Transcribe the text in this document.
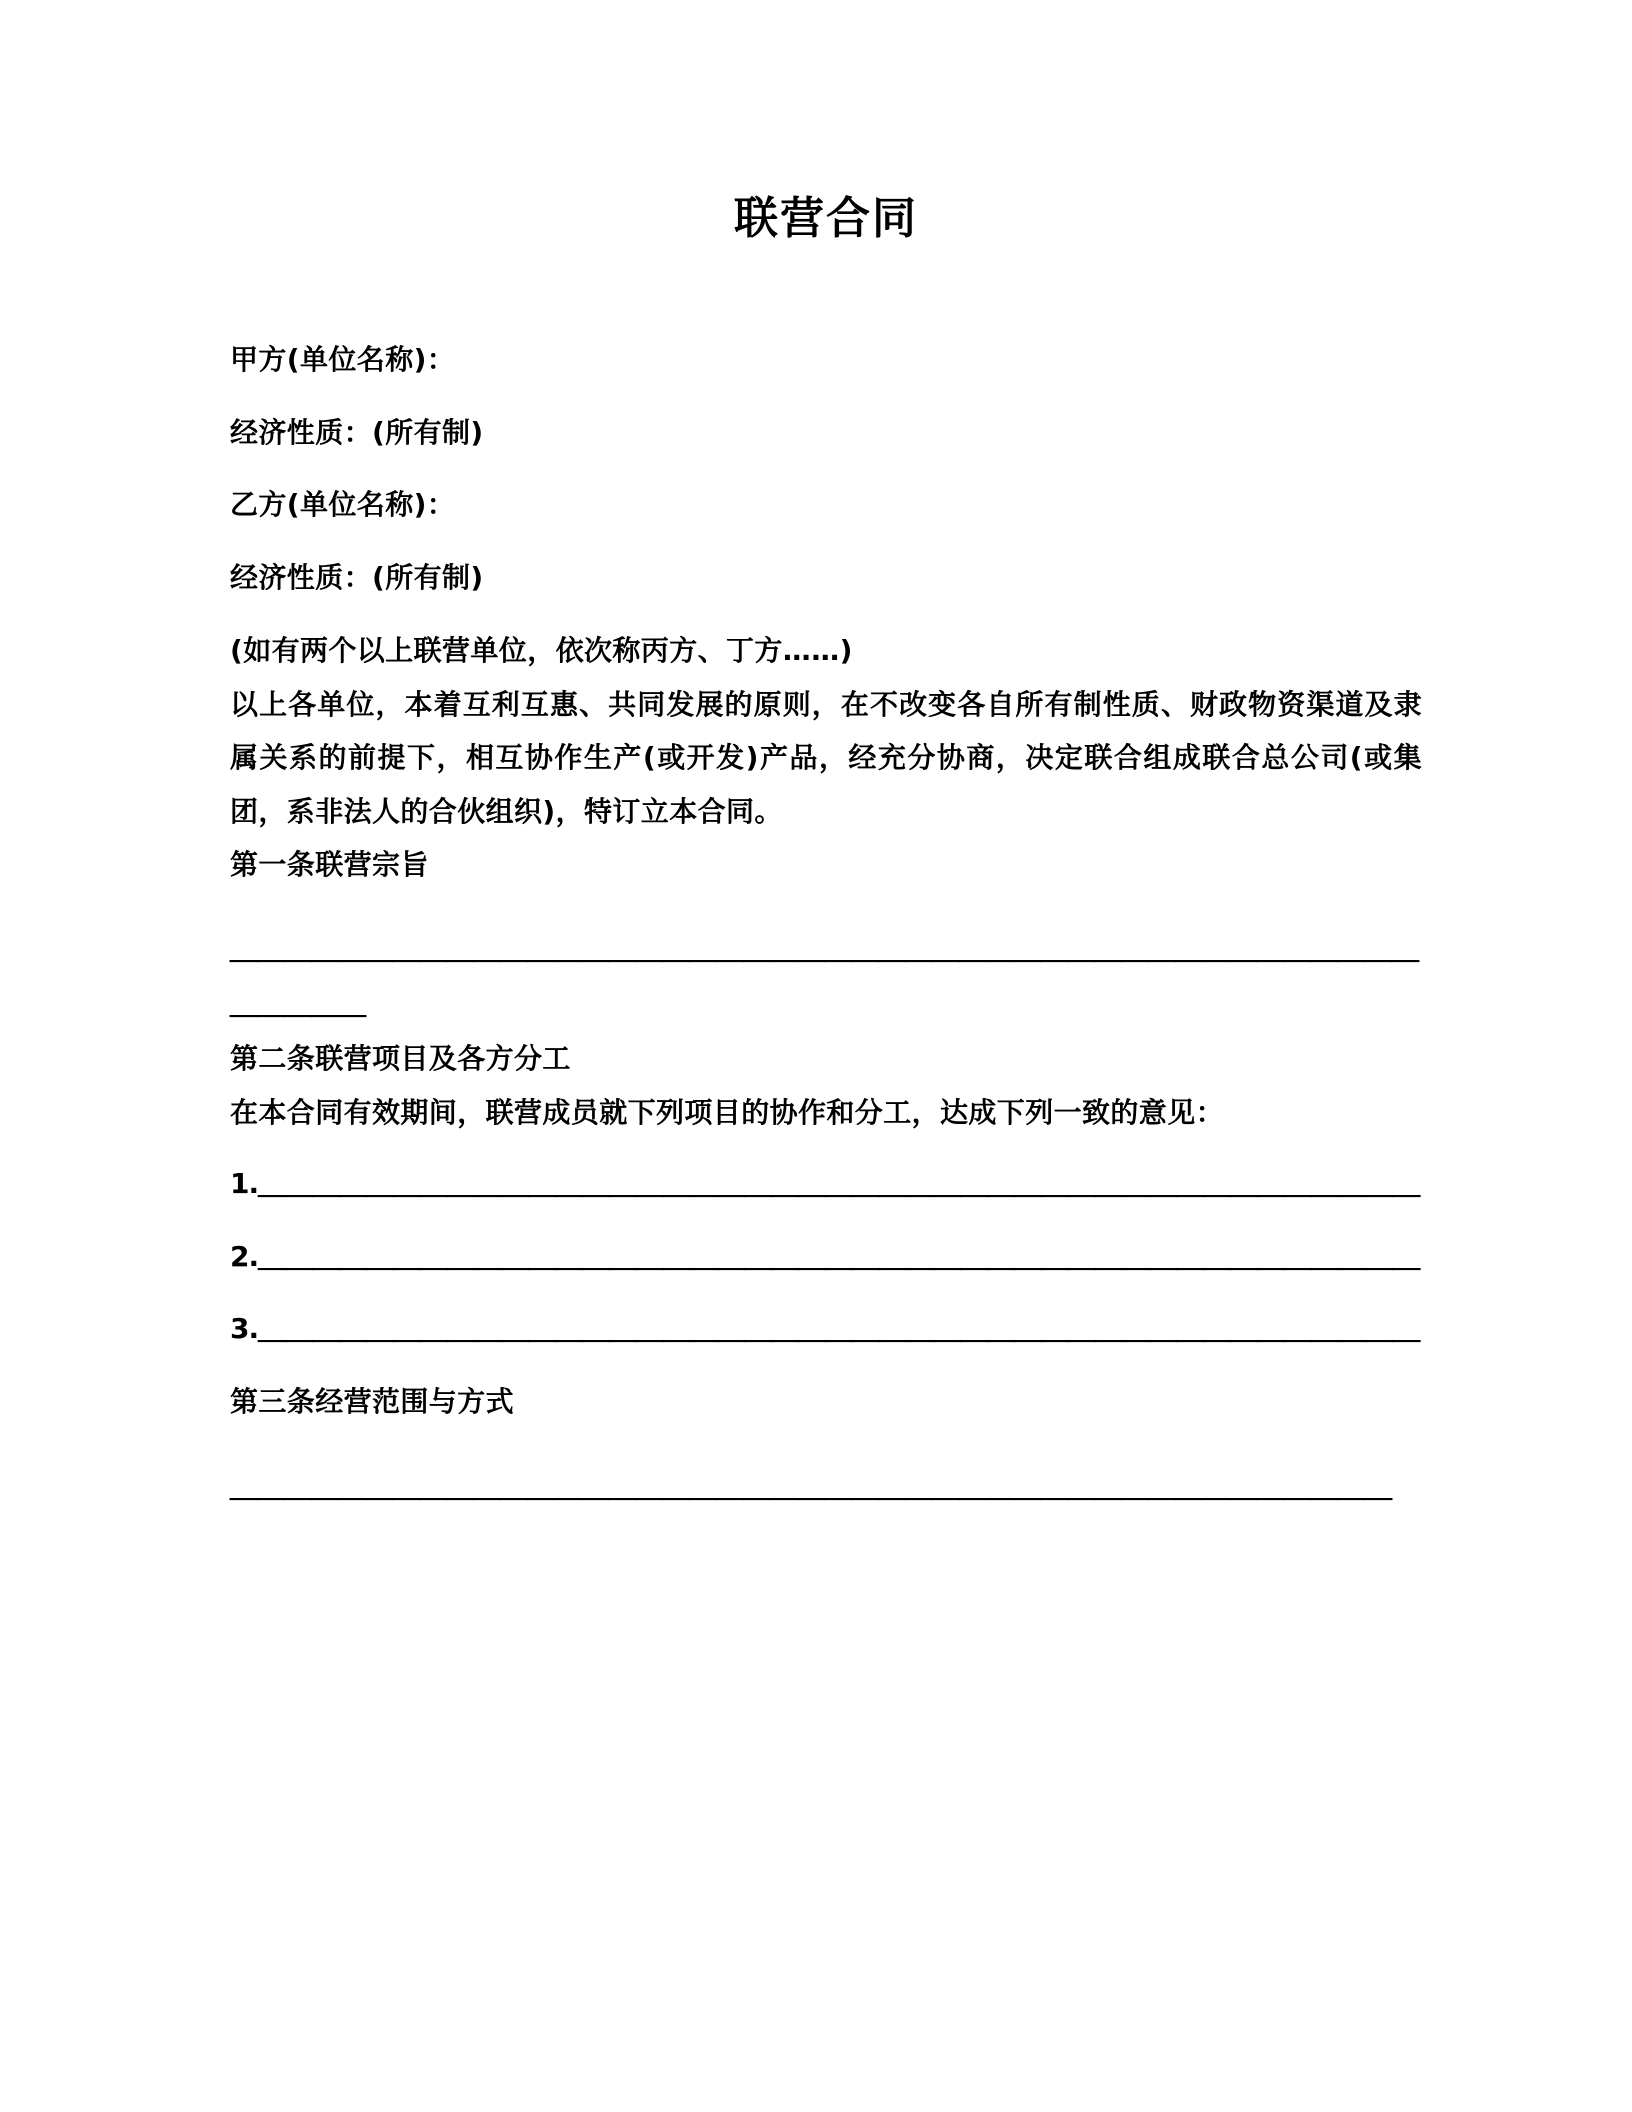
联营合同

甲方(单位名称)：

经济性质：(所有制)

乙方(单位名称)：

经济性质：(所有制)

(如有两个以上联营单位，依次称丙方、丁方……)

以上各单位，本着互利互惠、共同发展的原则，在不改变各自所有制性质、财政物资渠道及隶属关系的前提下，相互协作生产(或开发)产品，经充分协商，决定联合组成联合总公司(或集团，系非法人的合伙组织)，特订立本合同。

第一条联营宗旨

＿＿＿＿＿＿＿＿＿＿＿＿＿＿＿＿＿＿＿＿＿＿＿＿＿＿＿＿＿＿＿＿＿＿＿＿＿＿＿＿＿＿＿＿＿＿＿＿＿

第二条联营项目及各方分工

在本合同有效期间，联营成员就下列项目的协作和分工，达成下列一致的意见：

1.＿＿＿＿＿＿＿＿＿＿＿＿＿＿＿＿＿＿＿＿＿＿＿＿＿＿＿＿＿＿＿＿＿＿＿＿＿＿＿＿＿＿＿

2.＿＿＿＿＿＿＿＿＿＿＿＿＿＿＿＿＿＿＿＿＿＿＿＿＿＿＿＿＿＿＿＿＿＿＿＿＿＿＿＿＿＿＿

3.＿＿＿＿＿＿＿＿＿＿＿＿＿＿＿＿＿＿＿＿＿＿＿＿＿＿＿＿＿＿＿＿＿＿＿＿＿＿＿＿＿＿＿

第三条经营范围与方式

＿＿＿＿＿＿＿＿＿＿＿＿＿＿＿＿＿＿＿＿＿＿＿＿＿＿＿＿＿＿＿＿＿＿＿＿＿＿＿＿＿＿＿
